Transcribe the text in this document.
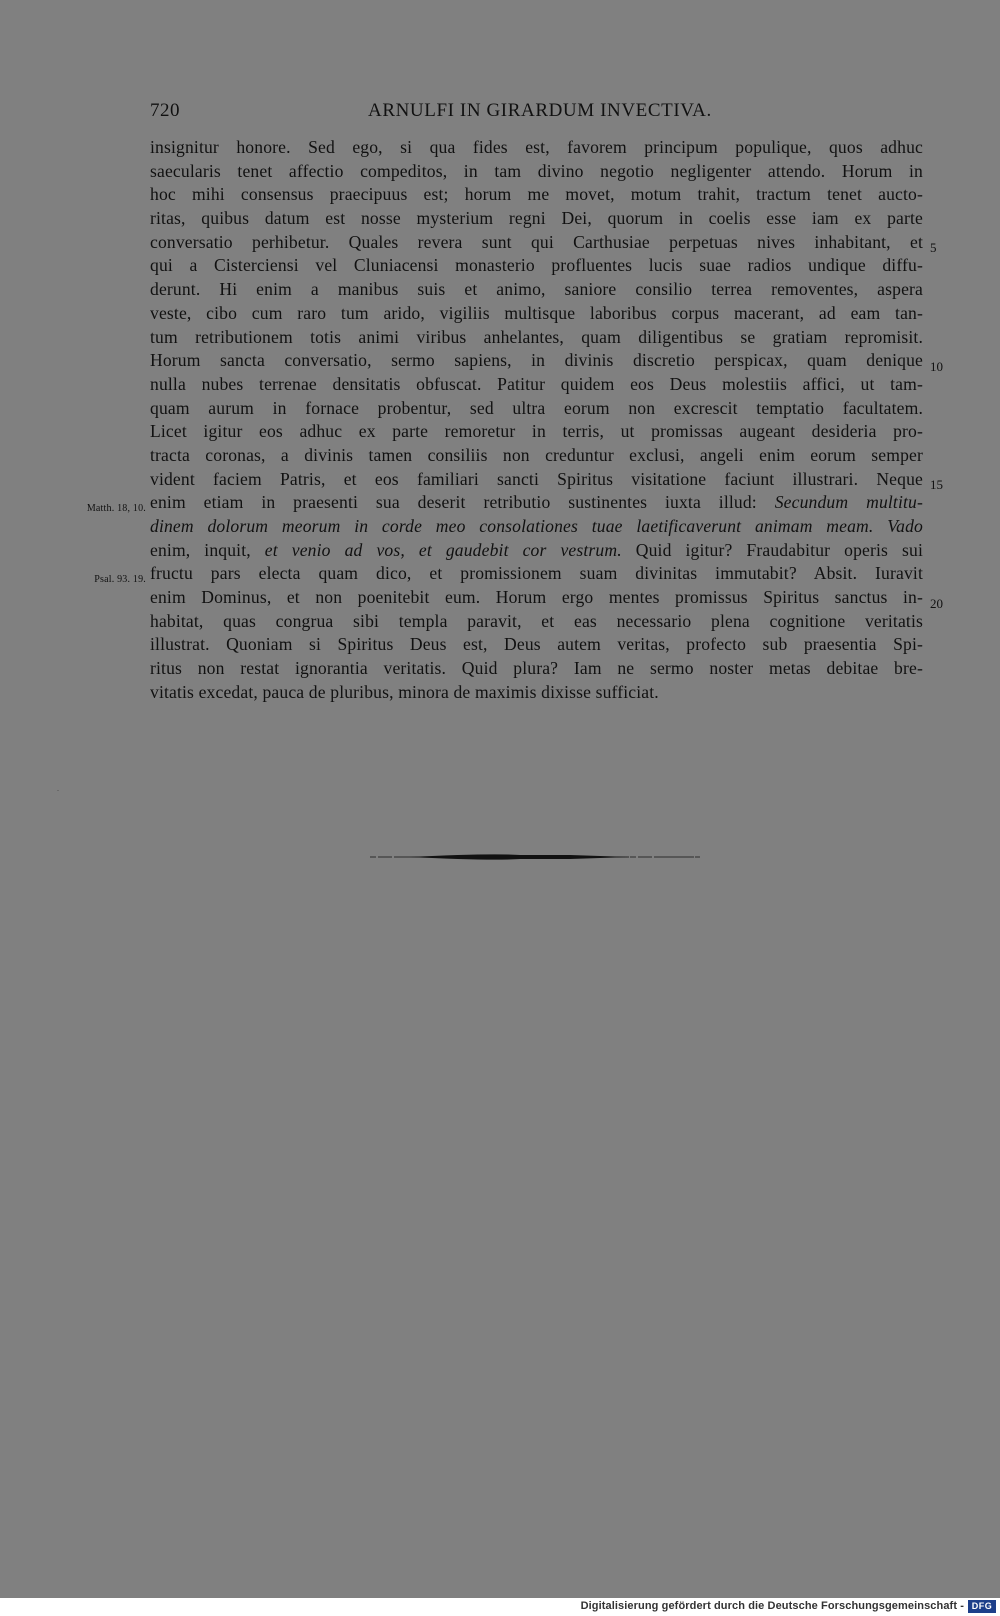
720	ARNULFI IN GIRARDUM INVECTIVA.
insignitur honore. Sed ego, si qua fides est, favorem principum populique, quos adhuc
saecularis tenet affectio compeditos, in tam divino negotio negligenter attendo. Horum in
hoc mihi consensus praecipuus est; horum me movet, motum trahit, tractum tenet aucto-
ritas, quibus datum est nosse mysterium regni Dei, quorum in coelis esse iam ex parte
conversatio perhibetur. Quales revera sunt qui Carthusiae perpetuas nives inhabitant, et
qui a Cisterciensi vel Cluniacensi monasterio profluentes lucis suae radios undique diffu-
derunt. Hi enim a manibus suis et animo, saniore consilio terrea removentes, aspera
veste, cibo cum raro tum arido, vigiliis multisque laboribus corpus macerant, ad eam tan-
tum retributionem totis animi viribus anhelantes, quam diligentibus se gratiam repromisit.
Horum sancta conversatio, sermo sapiens, in divinis discretio perspicax, quam denique
nulla nubes terrenae densitatis obfuscat. Patitur quidem eos Deus molestiis affici, ut tam-
quam aurum in fornace probentur, sed ultra eorum non excrescit temptatio facultatem.
Licet igitur eos adhuc ex parte remoretur in terris, ut promissas augeant desideria pro-
tracta coronas, a divinis tamen consiliis non creduntur exclusi, angeli enim eorum semper
vident faciem Patris, et eos familiari sancti Spiritus visitatione faciunt illustrari. Neque
enim etiam in praesenti sua deserit retributio sustinentes iuxta illud: Secundum multitu-
dinem dolorum meorum in corde meo consolationes tuae laetificaverunt animam meam. Vado
enim, inquit, et venio ad vos, et gaudebit cor vestrum. Quid igitur? Fraudabitur operis sui
fructu pars electa quam dico, et promissionem suam divinitas immutabit? Absit. Iuravit
enim Dominus, et non poenitebit eum. Horum ergo mentes promissus Spiritus sanctus in-
habitat, quas congrua sibi templa paravit, et eas necessario plena cognitione veritatis
illustrat. Quoniam si Spiritus Deus est, Deus autem veritas, profecto sub praesentia Spi-
ritus non restat ignorantia veritatis. Quid plura? Iam ne sermo noster metas debitae bre-
vitatis excedat, pauca de pluribus, minora de maximis dixisse sufficiat.
5
10
15
20
Matth. 18, 10.
Psal. 93. 19.
Digitalisierung gefördert durch die Deutsche Forschungsgemeinschaft - DFG
